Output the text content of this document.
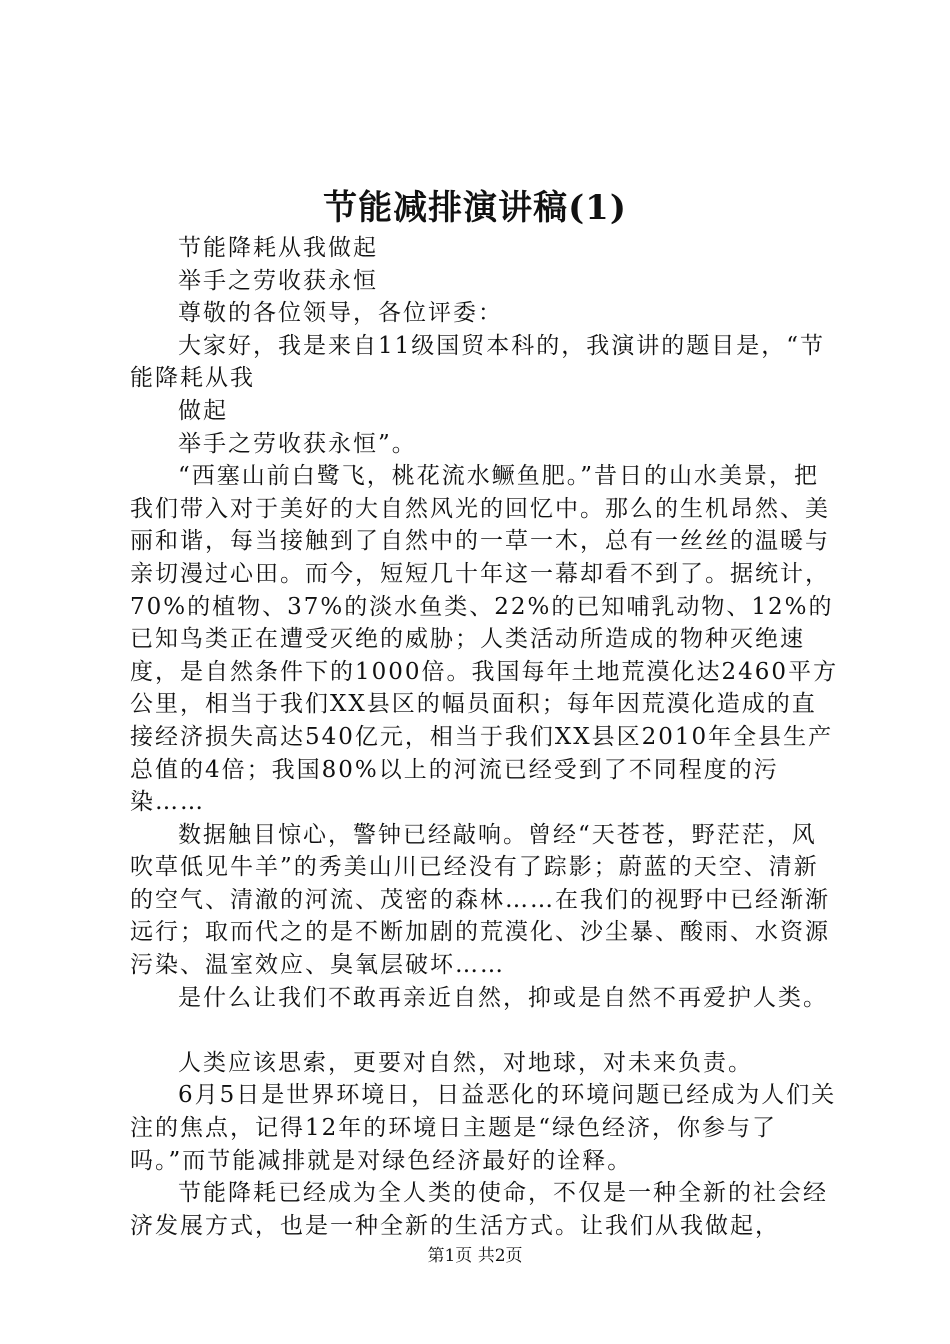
节能减排演讲稿(1)

节能降耗从我做起

举手之劳收获永恒

尊敬的各位领导，各位评委：

大家好，我是来自11级国贸本科的，我演讲的题目是，“节能降耗从我

做起

举手之劳收获永恒”。

“西塞山前白鹭飞，桃花流水鳜鱼肥。”昔日的山水美景，把我们带入对于美好的大自然风光的回忆中。那么的生机昂然、美丽和谐，每当接触到了自然中的一草一木，总有一丝丝的温暖与亲切漫过心田。而今，短短几十年这一幕却看不到了。据统计，70%的植物、37%的淡水鱼类、22%的已知哺乳动物、12%的已知鸟类正在遭受灭绝的威胁；人类活动所造成的物种灭绝速度，是自然条件下的1000倍。我国每年土地荒漠化达2460平方公里，相当于我们XX县区的幅员面积；每年因荒漠化造成的直接经济损失高达540亿元，相当于我们XX县区2010年全县生产总值的4倍；我国80%以上的河流已经受到了不同程度的污染……

数据触目惊心，警钟已经敲响。曾经“天苍苍，野茫茫，风吹草低见牛羊”的秀美山川已经没有了踪影；蔚蓝的天空、清新的空气、清澈的河流、茂密的森林……在我们的视野中已经渐渐远行；取而代之的是不断加剧的荒漠化、沙尘暴、酸雨、水资源污染、温室效应、臭氧层破坏……

是什么让我们不敢再亲近自然，抑或是自然不再爱护人类。

人类应该思索，更要对自然，对地球，对未来负责。

6月5日是世界环境日，日益恶化的环境问题已经成为人们关注的焦点，记得12年的环境日主题是“绿色经济，你参与了吗。”而节能减排就是对绿色经济最好的诠释。

节能降耗已经成为全人类的使命，不仅是一种全新的社会经济发展方式，也是一种全新的生活方式。让我们从我做起，

第1页 共2页
